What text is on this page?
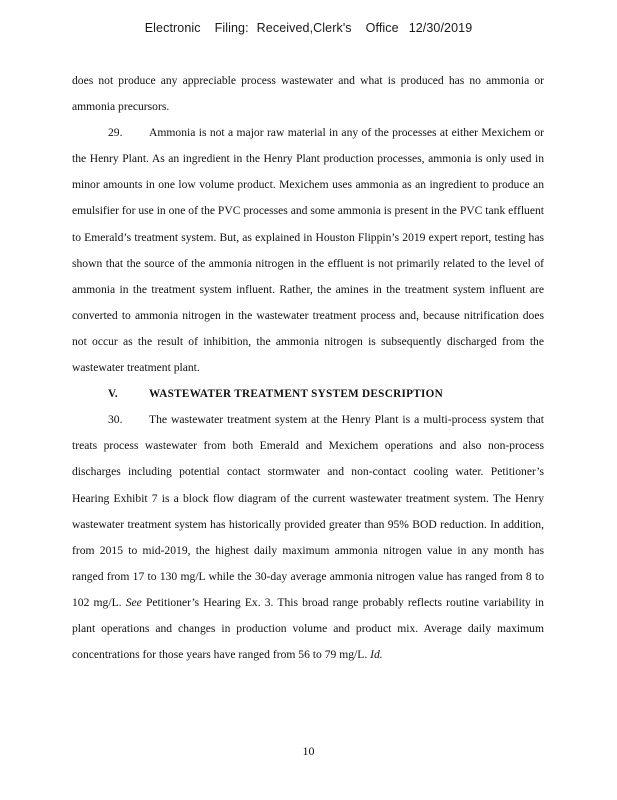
Electronic Filing: Received,Clerk's Office 12/30/2019

does not produce any appreciable process wastewater and what is produced has no ammonia or ammonia precursors.

29. Ammonia is not a major raw material in any of the processes at either Mexichem or the Henry Plant. As an ingredient in the Henry Plant production processes, ammonia is only used in minor amounts in one low volume product. Mexichem uses ammonia as an ingredient to produce an emulsifier for use in one of the PVC processes and some ammonia is present in the PVC tank effluent to Emerald’s treatment system. But, as explained in Houston Flippin’s 2019 expert report, testing has shown that the source of the ammonia nitrogen in the effluent is not primarily related to the level of ammonia in the treatment system influent. Rather, the amines in the treatment system influent are converted to ammonia nitrogen in the wastewater treatment process and, because nitrification does not occur as the result of inhibition, the ammonia nitrogen is subsequently discharged from the wastewater treatment plant.

V.	WASTEWATER TREATMENT SYSTEM DESCRIPTION

30. The wastewater treatment system at the Henry Plant is a multi-process system that treats process wastewater from both Emerald and Mexichem operations and also non-process discharges including potential contact stormwater and non-contact cooling water. Petitioner’s Hearing Exhibit 7 is a block flow diagram of the current wastewater treatment system. The Henry wastewater treatment system has historically provided greater than 95% BOD reduction. In addition, from 2015 to mid-2019, the highest daily maximum ammonia nitrogen value in any month has ranged from 17 to 130 mg/L while the 30-day average ammonia nitrogen value has ranged from 8 to 102 mg/L. See Petitioner’s Hearing Ex. 3. This broad range probably reflects routine variability in plant operations and changes in production volume and product mix. Average daily maximum concentrations for those years have ranged from 56 to 79 mg/L. Id.

10
